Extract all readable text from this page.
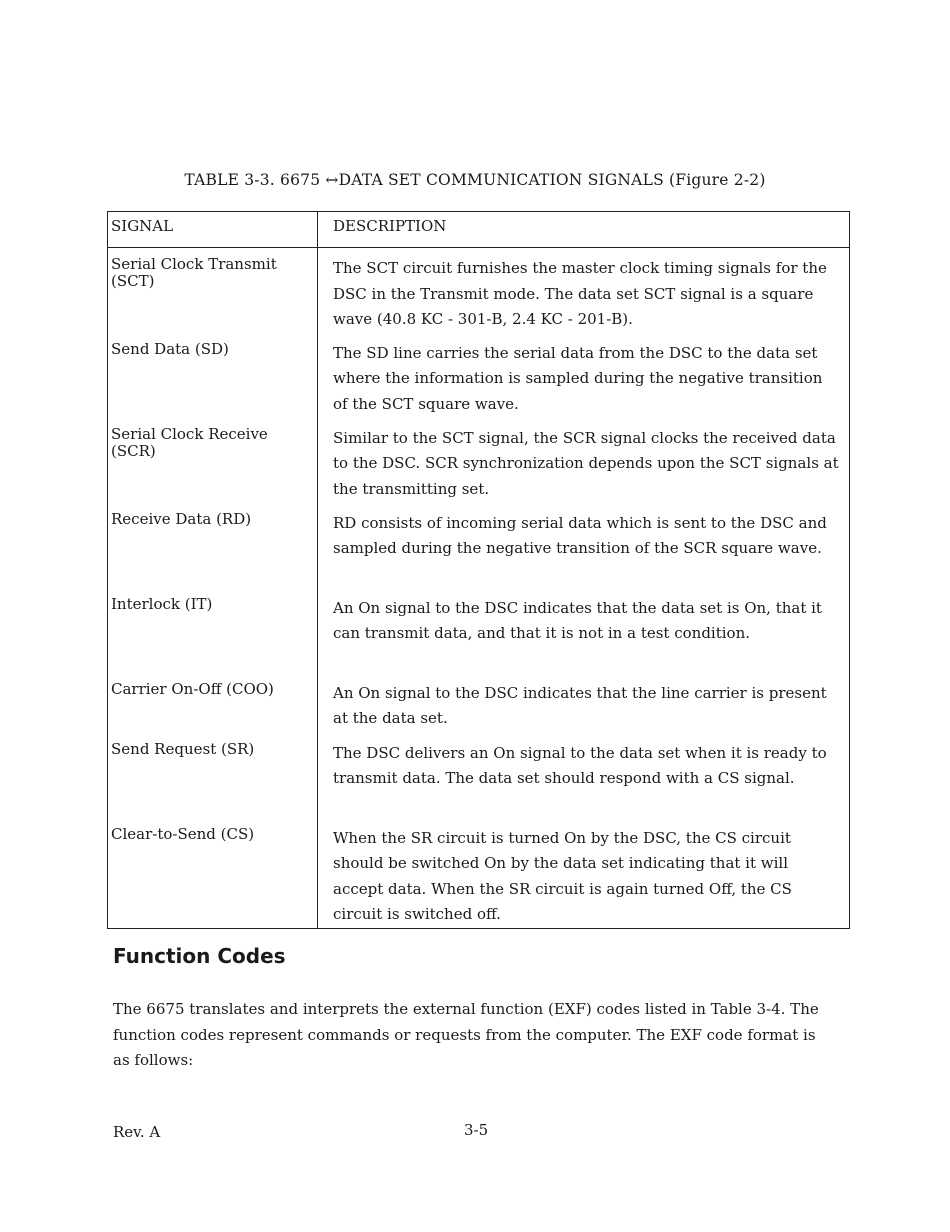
TABLE 3-3. 6675 ↔DATA SET COMMUNICATION SIGNALS (Figure 2-2)
SIGNAL	DESCRIPTION
Serial Clock Transmit (SCT)	The SCT circuit furnishes the master clock timing signals for the DSC in the Transmit mode. The data set SCT signal is a square wave (40.8 KC - 301-B, 2.4 KC - 201-B).
Send Data (SD)	The SD line carries the serial data from the DSC to the data set where the information is sampled during the negative transition of the SCT square wave.
Serial Clock Receive (SCR)	Similar to the SCT signal, the SCR signal clocks the received data to the DSC. SCR synchronization depends upon the SCT signals at the transmitting set.
Receive Data (RD)	RD consists of incoming serial data which is sent to the DSC and sampled during the negative transition of the SCR square wave.
Interlock (IT)	An On signal to the DSC indicates that the data set is On, that it can transmit data, and that it is not in a test condition.
Carrier On-Off (COO)	An On signal to the DSC indicates that the line carrier is present at the data set.
Send Request (SR)	The DSC delivers an On signal to the data set when it is ready to transmit data. The data set should respond with a CS signal.
Clear-to-Send (CS)	When the SR circuit is turned On by the DSC, the CS circuit should be switched On by the data set indicating that it will accept data. When the SR circuit is again turned Off, the CS circuit is switched off.
Function Codes

The 6675 translates and interprets the external function (EXF) codes listed in Table 3-4. The function codes represent commands or requests from the computer. The EXF code format is as follows:

Rev. A	3-5
